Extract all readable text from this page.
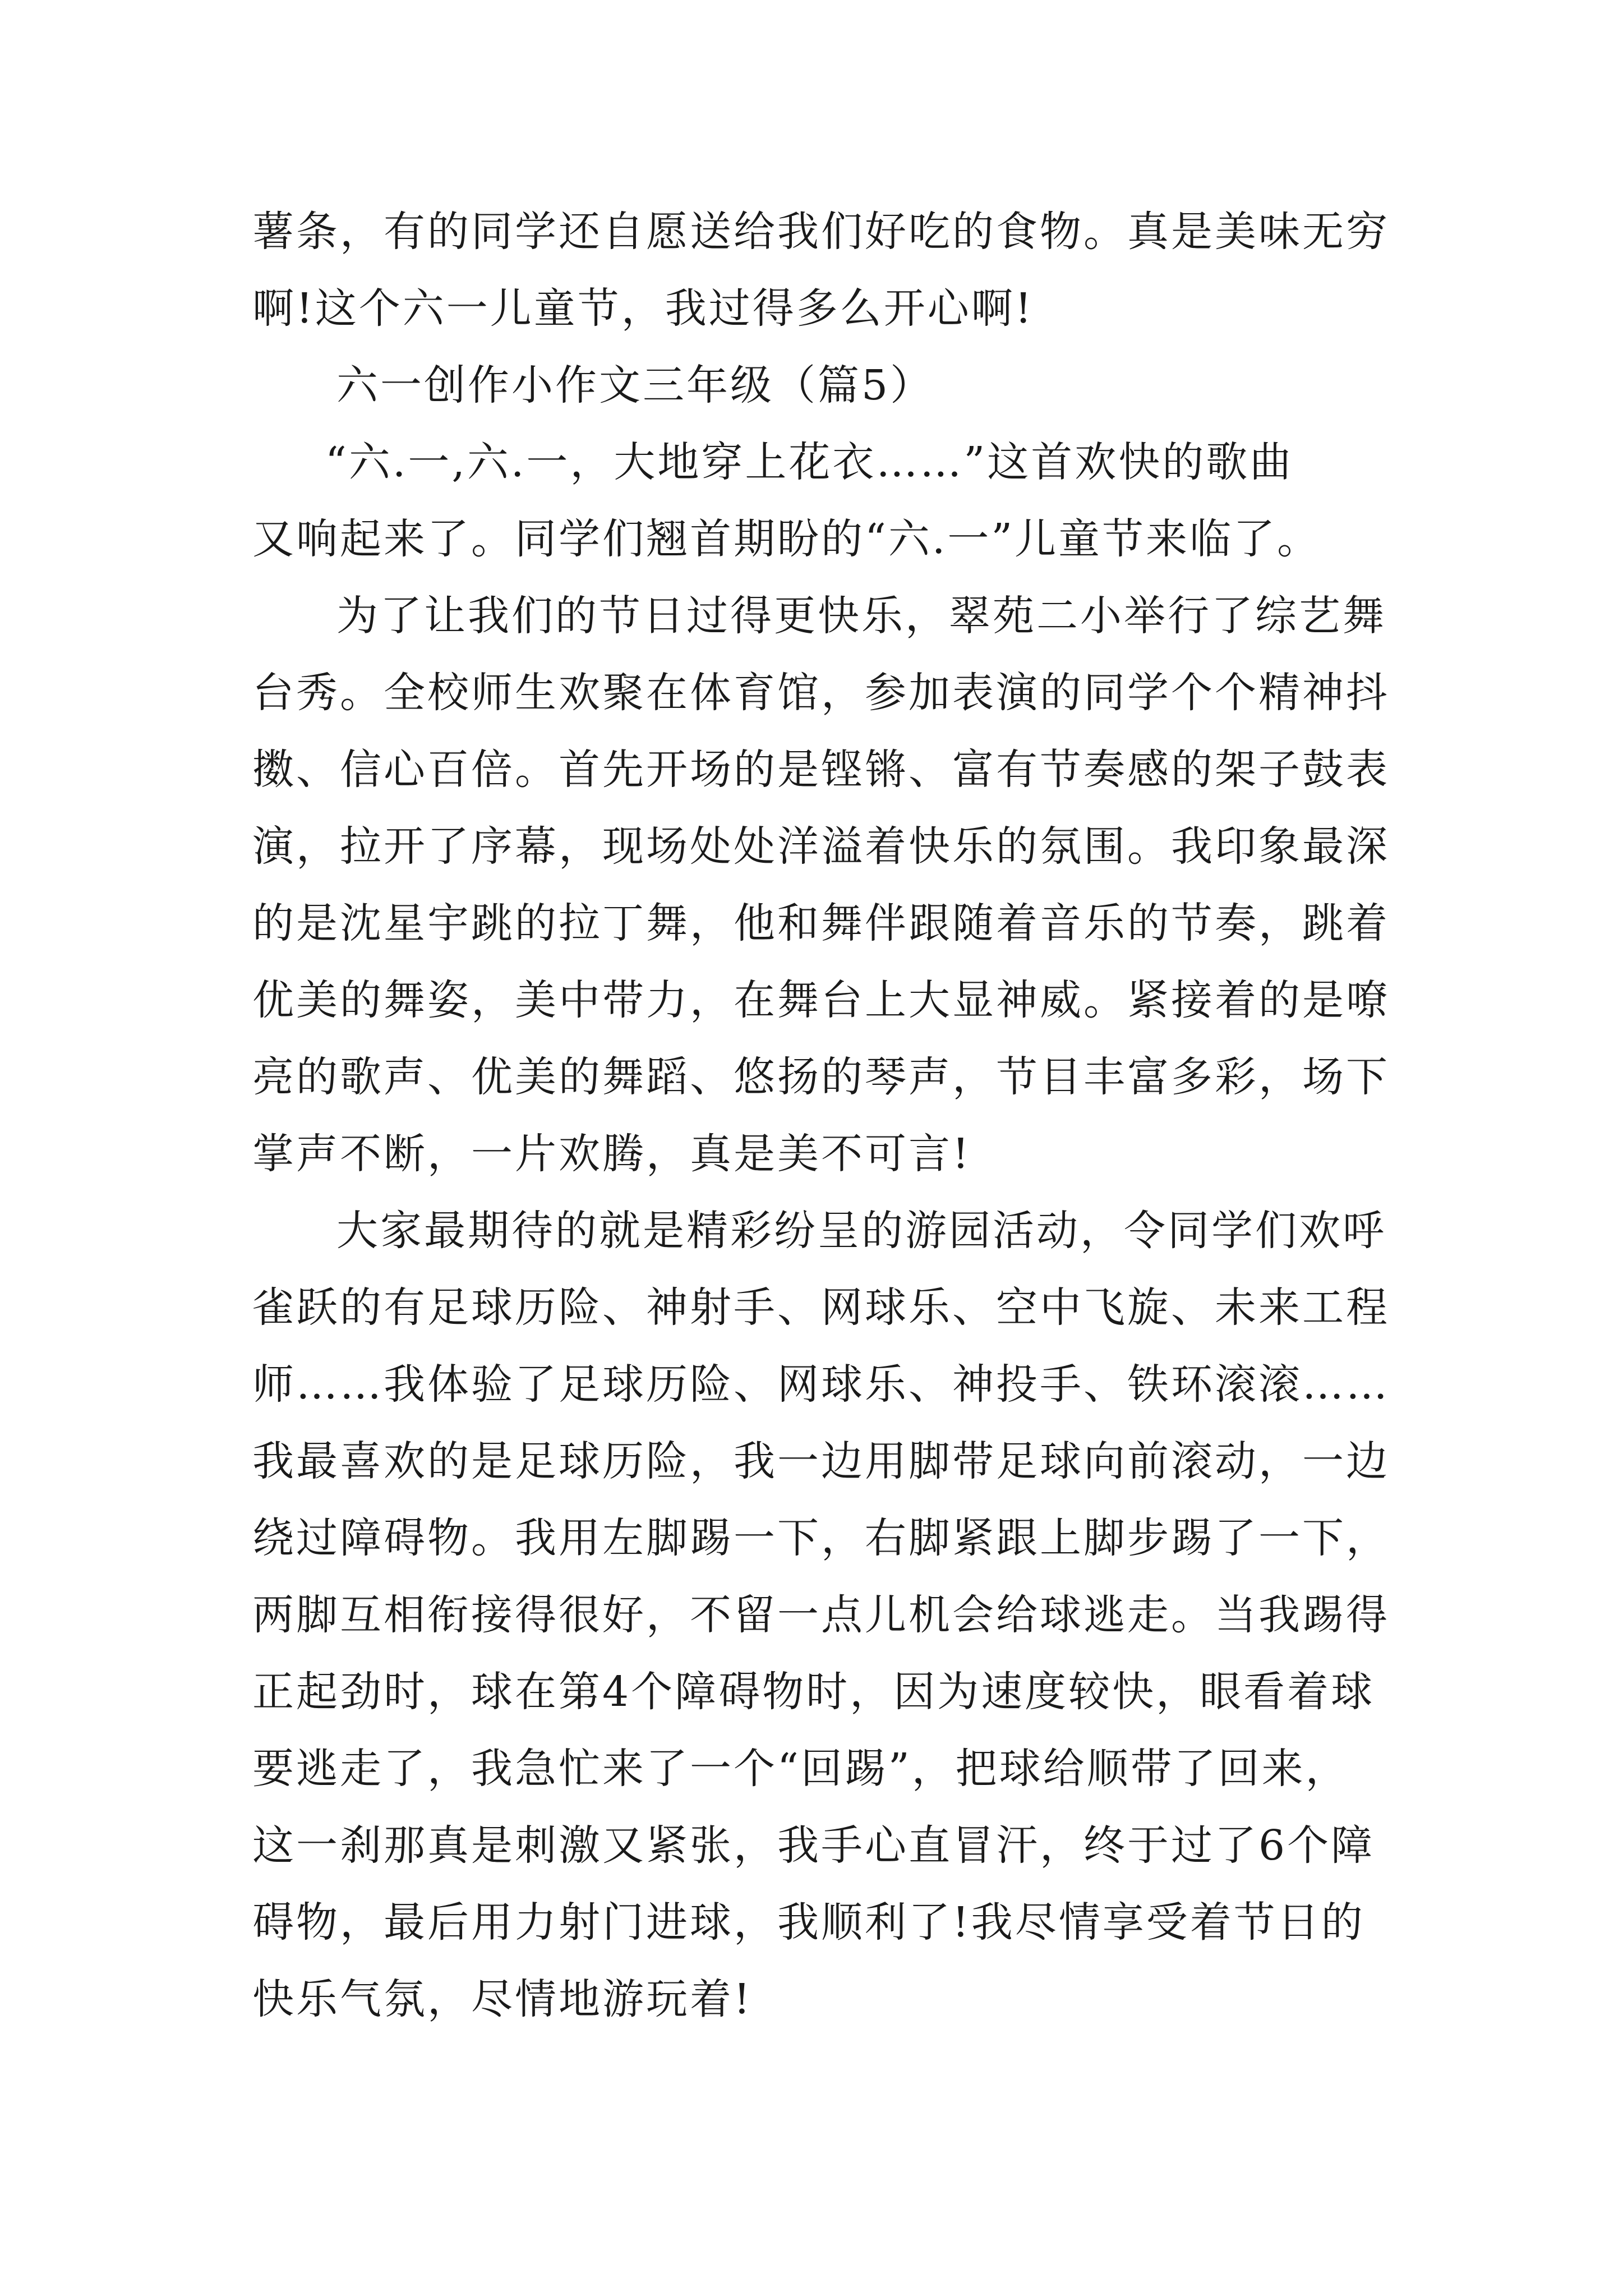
薯条，有的同学还自愿送给我们好吃的食物。真是美味无穷
啊!这个六一儿童节，我过得多么开心啊!
六一创作小作文三年级（篇5）
“六.一,六.一，大地穿上花衣……”这首欢快的歌曲
又响起来了。同学们翘首期盼的“六.一”儿童节来临了。
为了让我们的节日过得更快乐，翠苑二小举行了综艺舞
台秀。全校师生欢聚在体育馆，参加表演的同学个个精神抖
擞、信心百倍。首先开场的是铿锵、富有节奏感的架子鼓表
演，拉开了序幕，现场处处洋溢着快乐的氛围。我印象最深
的是沈星宇跳的拉丁舞，他和舞伴跟随着音乐的节奏，跳着
优美的舞姿，美中带力，在舞台上大显神威。紧接着的是嘹
亮的歌声、优美的舞蹈、悠扬的琴声，节目丰富多彩，场下
掌声不断，一片欢腾，真是美不可言!
大家最期待的就是精彩纷呈的游园活动，令同学们欢呼
雀跃的有足球历险、神射手、网球乐、空中飞旋、未来工程
师……我体验了足球历险、网球乐、神投手、铁环滚滚……
我最喜欢的是足球历险，我一边用脚带足球向前滚动，一边
绕过障碍物。我用左脚踢一下，右脚紧跟上脚步踢了一下，
两脚互相衔接得很好，不留一点儿机会给球逃走。当我踢得
正起劲时，球在第4个障碍物时，因为速度较快，眼看着球
要逃走了，我急忙来了一个“回踢”，把球给顺带了回来，
这一刹那真是刺激又紧张，我手心直冒汗，终于过了6个障
碍物，最后用力射门进球，我顺利了!我尽情享受着节日的
快乐气氛，尽情地游玩着!
